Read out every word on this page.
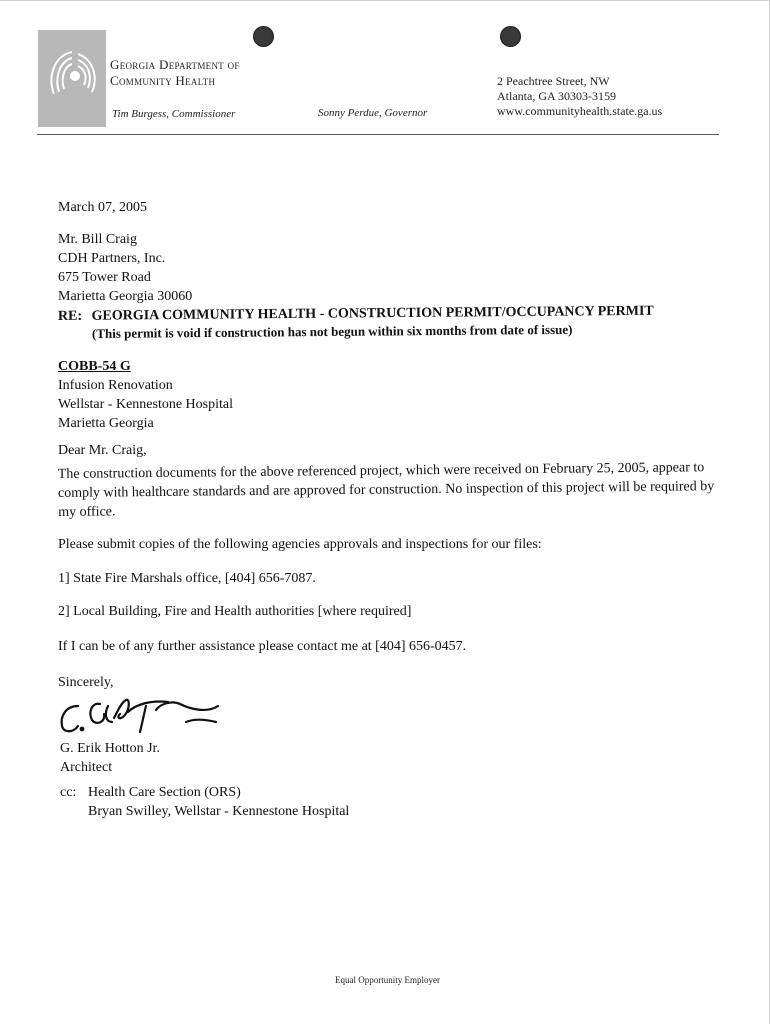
Georgia Department of
Community Health
Tim Burgess, Commissioner	Sonny Perdue, Governor
2 Peachtree Street, NW
Atlanta, GA 30303-3159
www.communityhealth.state.ga.us
March 07, 2005
Mr. Bill Craig
CDH Partners, Inc.
675 Tower Road
Marietta Georgia 30060
RE: GEORGIA COMMUNITY HEALTH - CONSTRUCTION PERMIT/OCCUPANCY PERMIT
(This permit is void if construction has not begun within six months from date of issue)
COBB-54 G
Infusion Renovation
Wellstar - Kennestone Hospital
Marietta Georgia
Dear Mr. Craig,
The construction documents for the above referenced project, which were received on February 25, 2005, appear to
comply with healthcare standards and are approved for construction. No inspection of this project will be required by
my office.
Please submit copies of the following agencies approvals and inspections for our files:
1] State Fire Marshals office, [404] 656-7087.
2] Local Building, Fire and Health authorities [where required]
If I can be of any further assistance please contact me at [404] 656-0457.
Sincerely,
G. Erik Hotton Jr.
Architect
cc: Health Care Section (ORS)
Bryan Swilley, Wellstar - Kennestone Hospital
Equal Opportunity Employer
